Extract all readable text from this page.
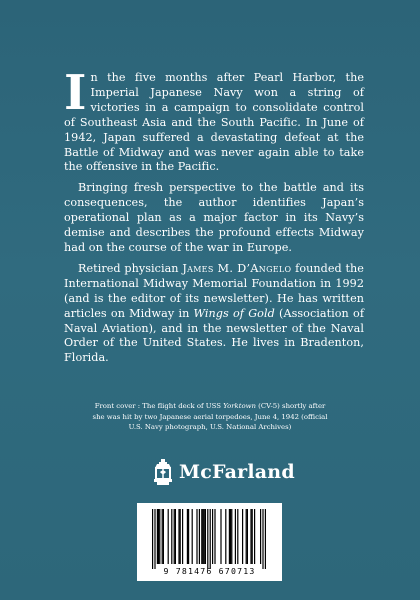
In the five months after Pearl Harbor, the Imperial Japanese Navy won a string of victories in a campaign to consolidate control of Southeast Asia and the South Pacific. In June of 1942, Japan suffered a devastating defeat at the Battle of Midway and was never again able to take the offensive in the Pacific.

Bringing fresh perspective to the battle and its consequences, the author identifies Japan’s operational plan as a major factor in its Navy’s demise and describes the profound effects Midway had on the course of the war in Europe.

Retired physician James M. D’Angelo founded the International Midway Memorial Foundation in 1992 (and is the editor of its newsletter). He has written articles on Midway in Wings of Gold (Association of Naval Aviation), and in the newsletter of the Naval Order of the United States. He lives in Bradenton, Florida.

Front cover : The flight deck of USS Yorktown (CV-5) shortly after she was hit by two Japanese aerial torpedoes, June 4, 1942 (official U.S. Navy photograph, U.S. National Archives)
McFarland
9 781476 670713
